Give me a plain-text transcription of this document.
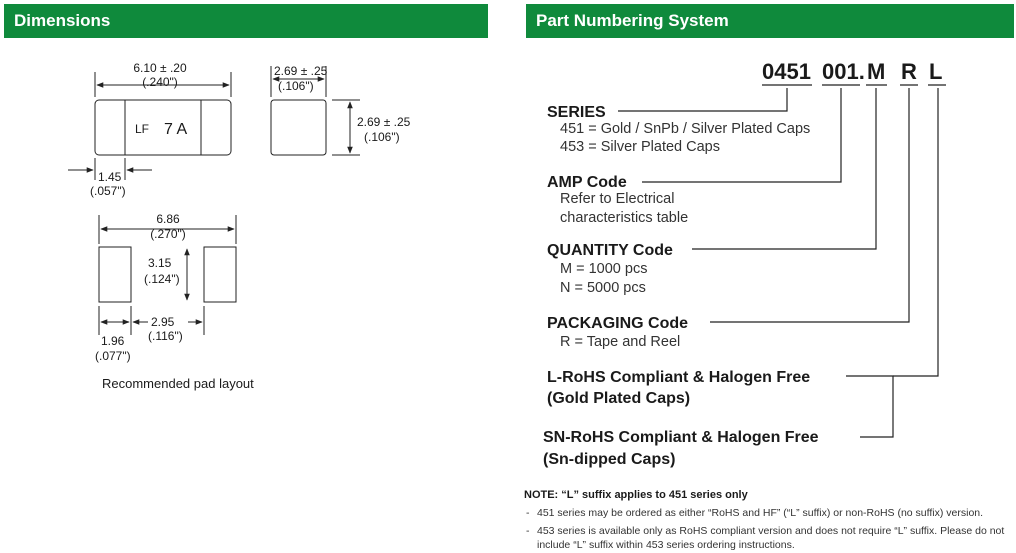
Dimensions	Part Numbering System
6.10 ± .20
(.240")
LF 7 A
1.45
(.057")
2.69 ± .25
(.106")
2.69 ± .25
(.106")
6.86
(.270")
3.15
(.124")
2.95
(.116")
1.96
(.077")
Recommended pad layout
0451 001. M R L
SERIES
451 = Gold / SnPb / Silver Plated Caps
453 = Silver Plated Caps
AMP Code
Refer to Electrical
characteristics table
QUANTITY Code
M = 1000 pcs
N = 5000 pcs
PACKAGING Code
R = Tape and Reel
L-RoHS Compliant & Halogen Free
(Gold Plated Caps)
SN-RoHS Compliant & Halogen Free
(Sn-dipped Caps)
NOTE: “L” suffix applies to 451 series only
- 451 series may be ordered as either “RoHS and HF” (“L” suffix) or non-RoHS (no suffix) version.
- 453 series is available only as RoHS compliant version and does not require “L” suffix. Please do not
include “L” suffix within 453 series ordering instructions.
